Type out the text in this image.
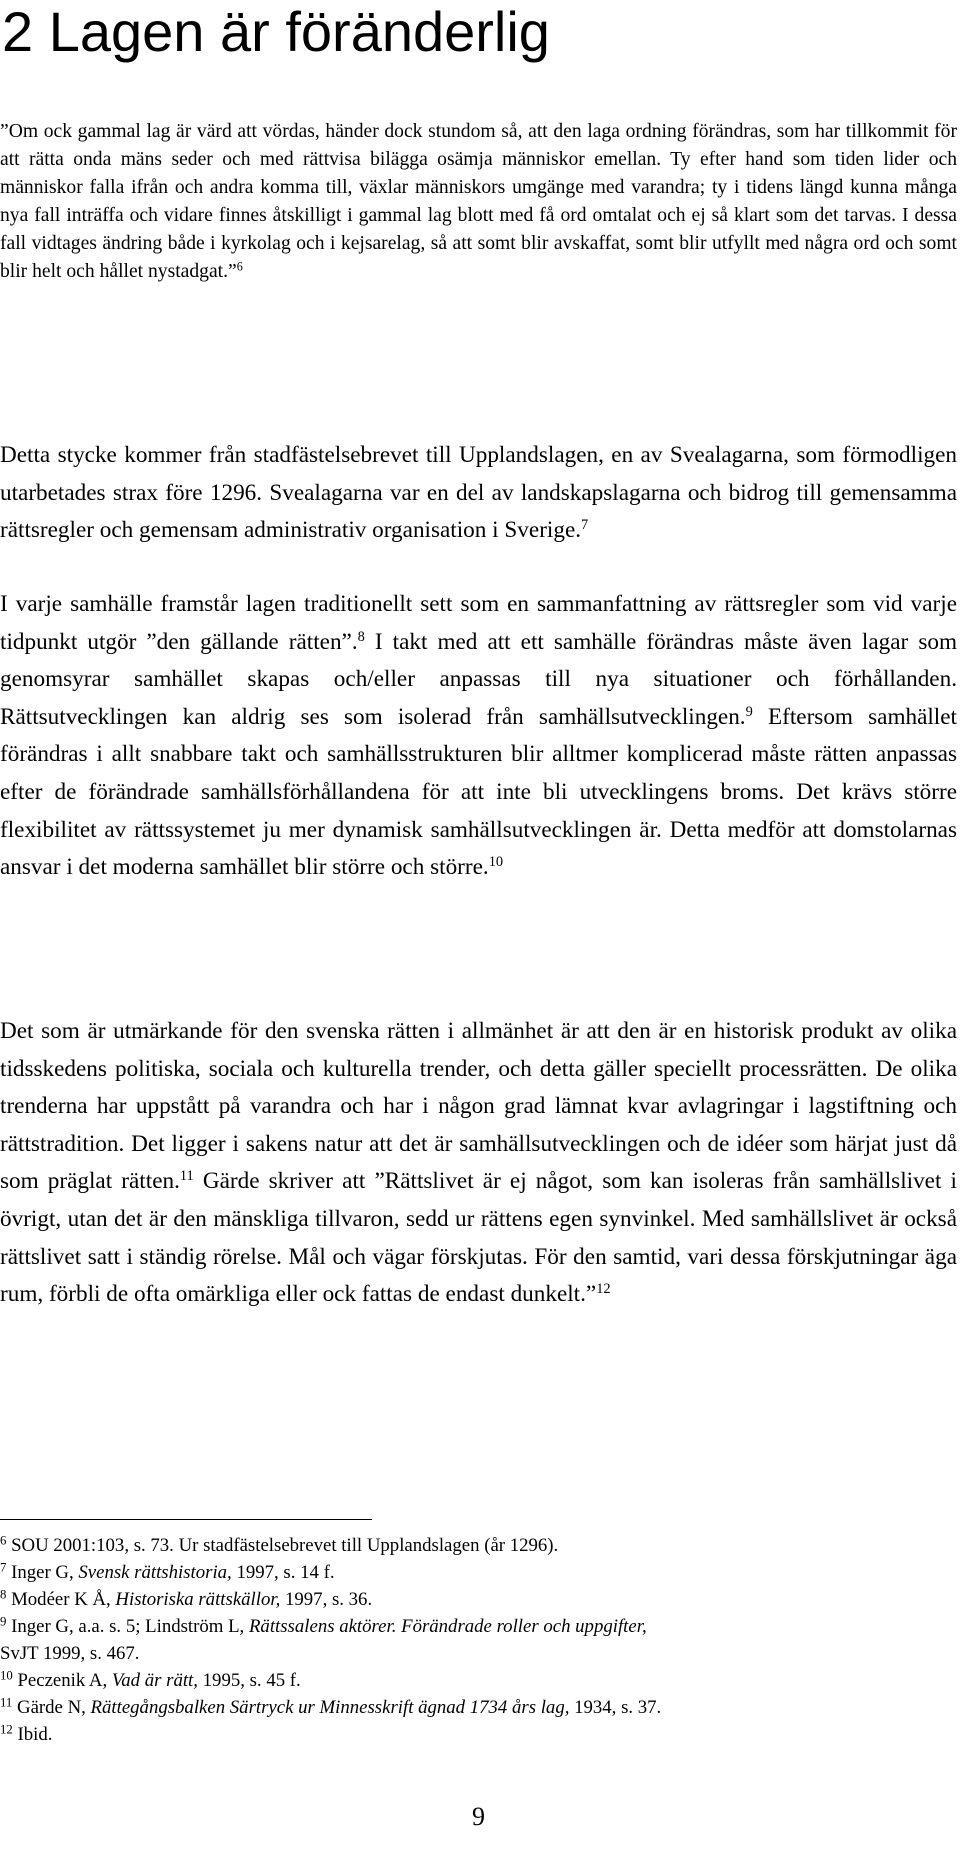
2 Lagen är föränderlig

”Om ock gammal lag är värd att vördas, händer dock stundom så, att den laga ordning förändras, som har tillkommit för att rätta onda mäns seder och med rättvisa bilägga osämja människor emellan. Ty efter hand som tiden lider och människor falla ifrån och andra komma till, växlar människors umgänge med varandra; ty i tidens längd kunna många nya fall inträffa och vidare finnes åtskilligt i gammal lag blott med få ord omtalat och ej så klart som det tarvas. I dessa fall vidtages ändring både i kyrkolag och i kejsarelag, så att somt blir avskaffat, somt blir utfyllt med några ord och somt blir helt och hållet nystadgat.”$^6$

Detta stycke kommer från stadfästelsebrevet till Upplandslagen, en av Svealagarna, som förmodligen utarbetades strax före 1296. Svealagarna var en del av landskapslagarna och bidrog till gemensamma rättsregler och gemensam administrativ organisation i Sverige.$^7$

I varje samhälle framstår lagen traditionellt sett som en sammanfattning av rättsregler som vid varje tidpunkt utgör ”den gällande rätten”.$^8$ I takt med att ett samhälle förändras måste även lagar som genomsyrar samhället skapas och/eller anpassas till nya situationer och förhållanden. Rättsutvecklingen kan aldrig ses som isolerad från samhällsutvecklingen.$^9$ Eftersom samhället förändras i allt snabbare takt och samhällsstrukturen blir alltmer komplicerad måste rätten anpassas efter de förändrade samhällsförhållandena för att inte bli utvecklingens broms. Det krävs större flexibilitet av rättssystemet ju mer dynamisk samhällsutvecklingen är. Detta medför att domstolarnas ansvar i det moderna samhället blir större och större.$^{10}$

Det som är utmärkande för den svenska rätten i allmänhet är att den är en historisk produkt av olika tidsskedens politiska, sociala och kulturella trender, och detta gäller speciellt processrätten. De olika trenderna har uppstått på varandra och har i någon grad lämnat kvar avlagringar i lagstiftning och rättstradition. Det ligger i sakens natur att det är samhällsutvecklingen och de idéer som härjat just då som präglat rätten.$^{11}$ Gärde skriver att ”Rättslivet är ej något, som kan isoleras från samhällslivet i övrigt, utan det är den mänskliga tillvaron, sedd ur rättens egen synvinkel. Med samhällslivet är också rättslivet satt i ständig rörelse. Mål och vägar förskjutas. För den samtid, vari dessa förskjutningar äga rum, förbli de ofta omärkliga eller ock fattas de endast dunkelt.”$^{12}$

$^6$ SOU 2001:103, s. 73. Ur stadfästelsebrevet till Upplandslagen (år 1296).

$^7$ Inger G, Svensk rättshistoria, 1997, s. 14 f.

$^8$ Modéer K Å, Historiska rättskällor, 1997, s. 36.

$^9$ Inger G, a.a. s. 5; Lindström L, Rättssalens aktörer. Förändrade roller och uppgifter,
SvJT 1999, s. 467.

$^{10}$ Peczenik A, Vad är rätt, 1995, s. 45 f.

$^{11}$ Gärde N, Rättegångsbalken Särtryck ur Minnesskrift ägnad 1734 års lag, 1934, s. 37.

$^{12}$ Ibid.

9
